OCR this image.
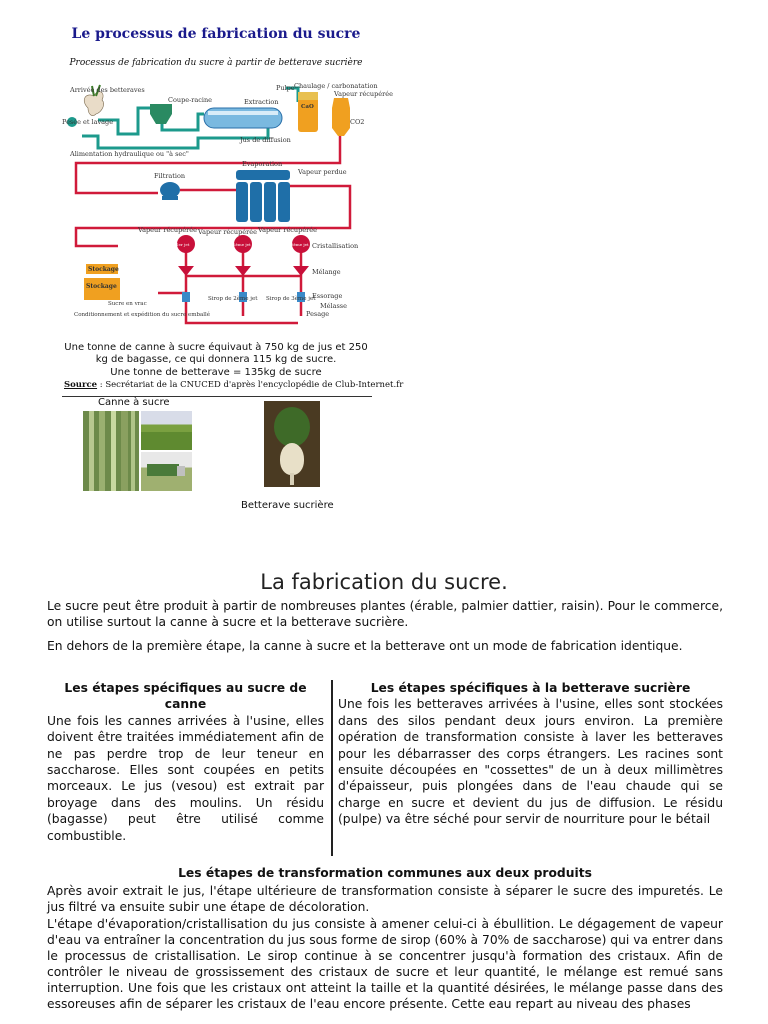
Le processus de fabrication du sucre
Processus de fabrication du sucre à partir de betterave sucrière
Arrivée des betteraves
Coupe-racine
Pulpe Chaulage / carbonatation
CaO
Vapeur récupérée
CO2
Pesée et lavage
Extraction
Jus de diffusion
Alimentation hydraulique ou "à sec"
Filtration
Evaporation
Vapeur perdue
Vapeur récupérée Vapeur récupérée Vapeur récupérée
Cristallisation
Mélange
Stockage
Stockage
Sucre en vrac
Conditionnement et expédition du sucre emballé
Sirop de 2ème jet Sirop de 3ème jet
Essorage
Mélasse
Pesage
1er jet	2ème jet	3ème jet
Une tonne de canne à sucre équivaut à 750 kg de jus et 250
kg de bagasse, ce qui donnera 115 kg de sucre.
Une tonne de betterave = 135kg de sucre
Source : Secrétariat de la CNUCED d'après l'encyclopédie de Club-Internet.fr
Canne à sucre
Betterave sucrière
La fabrication du sucre.
Le sucre peut être produit à partir de nombreuses plantes (érable, palmier dattier, raisin). Pour le commerce, on utilise surtout la canne à sucre et la betterave sucrière.
En dehors de la première étape, la canne à sucre et la betterave ont un mode de fabrication identique.
Les étapes spécifiques au sucre de canne
Une fois les cannes arrivées à l'usine, elles doivent être traitées immédiatement afin de ne pas perdre trop de leur teneur en saccharose. Elles sont coupées en petits morceaux. Le jus (vesou) est extrait par broyage dans des moulins. Un résidu (bagasse) peut être utilisé comme combustible.
Les étapes spécifiques à la betterave sucrière
Une fois les betteraves arrivées à l'usine, elles sont stockées dans des silos pendant deux jours environ. La première opération de transformation consiste à laver les betteraves pour les débarrasser des corps étrangers. Les racines sont ensuite découpées en "cossettes" de un à deux millimètres d'épaisseur, puis plongées dans de l'eau chaude qui se charge en sucre et devient du jus de diffusion. Le résidu (pulpe) va être séché pour servir de nourriture pour le bétail
Les étapes de transformation communes aux deux produits
Après avoir extrait le jus, l'étape ultérieure de transformation consiste à séparer le sucre des impuretés. Le jus filtré va ensuite subir une étape de décoloration.
L'étape d'évaporation/cristallisation du jus consiste à amener celui-ci à ébullition. Le dégagement de vapeur d'eau va entraîner la concentration du jus sous forme de sirop (60% à 70% de saccharose) qui va entrer dans le processus de cristallisation. Le sirop continue à se concentrer jusqu'à formation des cristaux. Afin de contrôler le niveau de grossissement des cristaux de sucre et leur quantité, le mélange est remué sans interruption. Une fois que les cristaux ont atteint la taille et la quantité désirées, le mélange passe dans des essoreuses afin de séparer les cristaux de l'eau encore présente. Cette eau repart au niveau des phases
